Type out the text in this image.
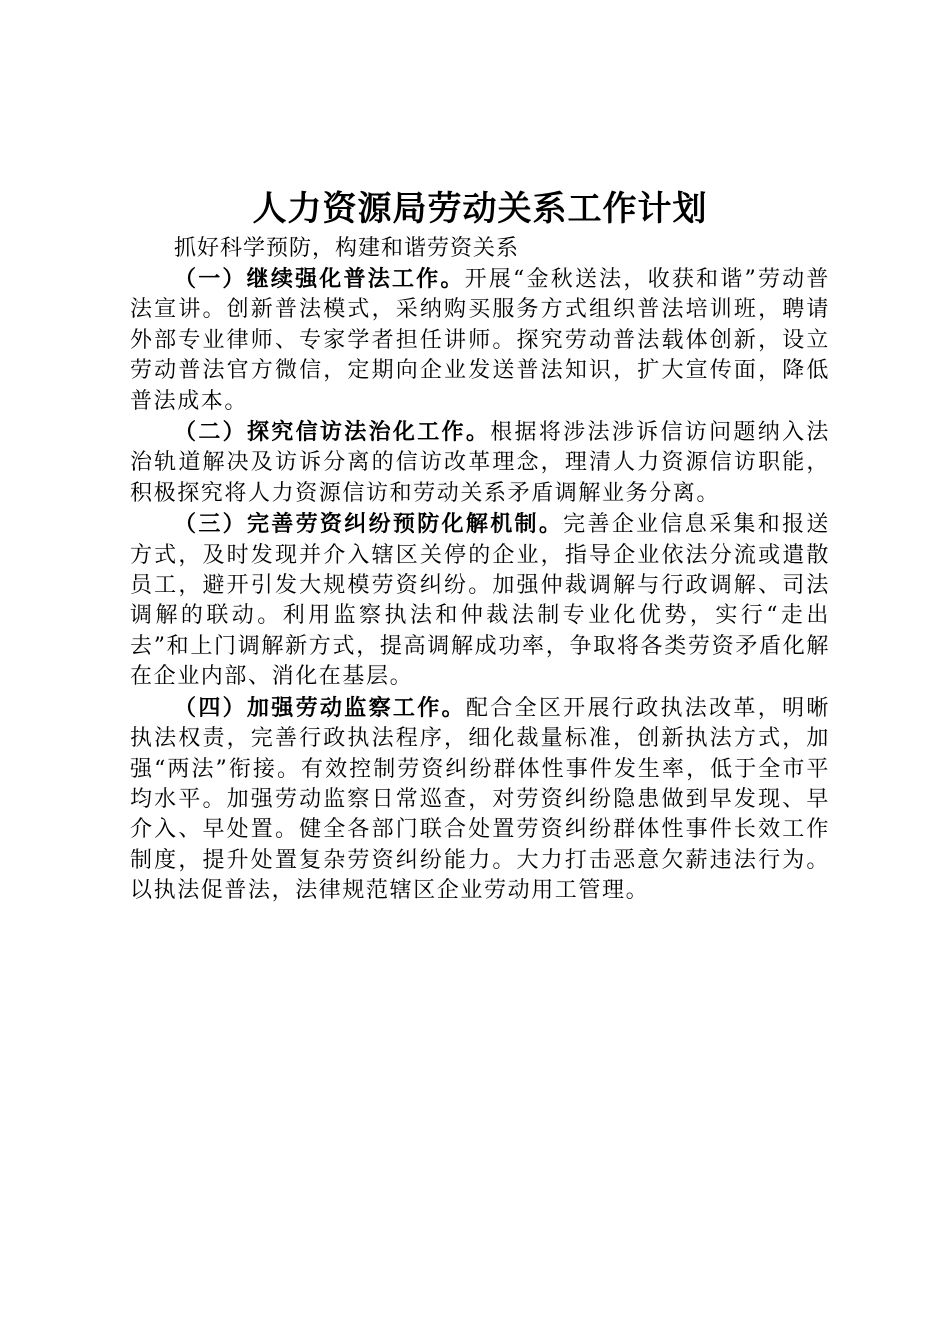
人力资源局劳动关系工作计划

抓好科学预防，构建和谐劳资关系

（一）继续强化普法工作。开展“金秋送法，收获和谐”劳动普法宣讲。创新普法模式，采纳购买服务方式组织普法培训班，聘请外部专业律师、专家学者担任讲师。探究劳动普法载体创新，设立劳动普法官方微信，定期向企业发送普法知识，扩大宣传面，降低普法成本。

（二）探究信访法治化工作。根据将涉法涉诉信访问题纳入法治轨道解决及访诉分离的信访改革理念，理清人力资源信访职能，积极探究将人力资源信访和劳动关系矛盾调解业务分离。

（三）完善劳资纠纷预防化解机制。完善企业信息采集和报送方式，及时发现并介入辖区关停的企业，指导企业依法分流或遣散员工，避开引发大规模劳资纠纷。加强仲裁调解与行政调解、司法调解的联动。利用监察执法和仲裁法制专业化优势，实行“走出去”和上门调解新方式，提高调解成功率，争取将各类劳资矛盾化解在企业内部、消化在基层。

（四）加强劳动监察工作。配合全区开展行政执法改革，明晰执法权责，完善行政执法程序，细化裁量标准，创新执法方式，加强“两法”衔接。有效控制劳资纠纷群体性事件发生率，低于全市平均水平。加强劳动监察日常巡查，对劳资纠纷隐患做到早发现、早介入、早处置。健全各部门联合处置劳资纠纷群体性事件长效工作制度，提升处置复杂劳资纠纷能力。大力打击恶意欠薪违法行为。以执法促普法，法律规范辖区企业劳动用工管理。
